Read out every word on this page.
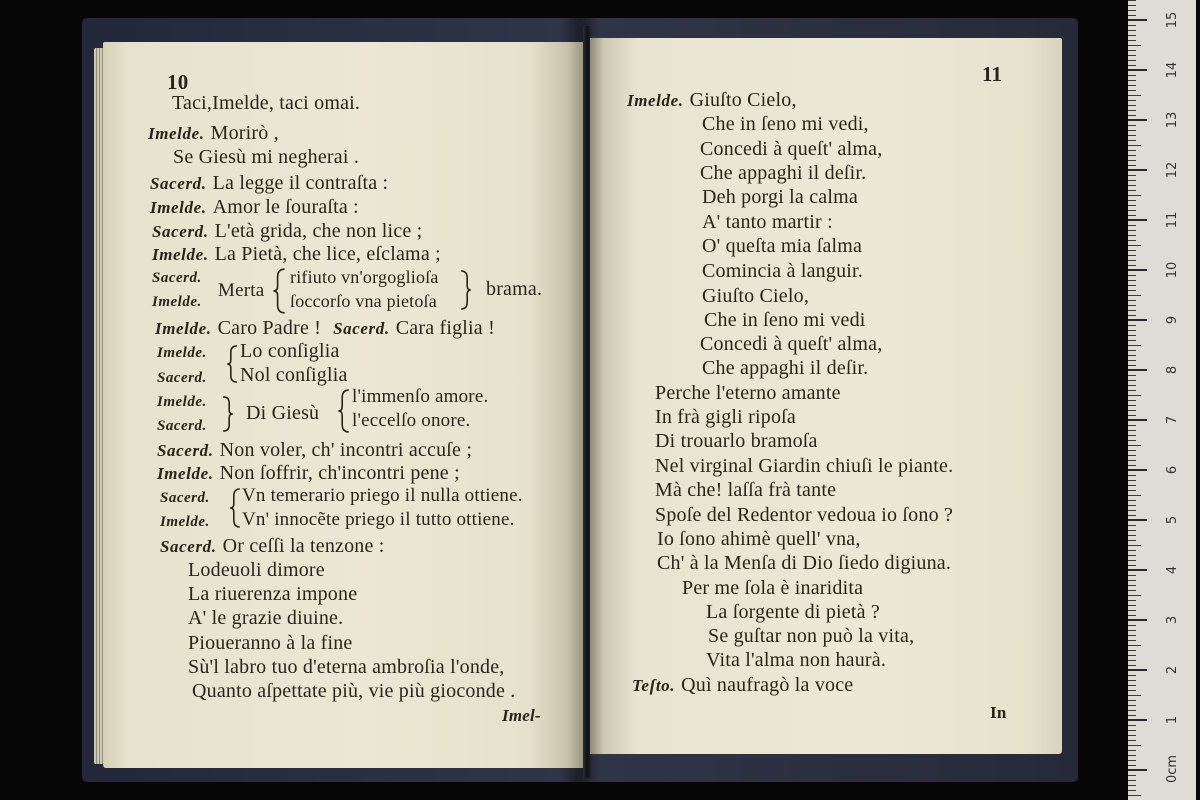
10
Taci,Imelde, taci omai.
Imelde. Morirò ,
Se Giesù mi negherai .
Sacerd. La legge il contraſta :
Imelde. Amor le ſouraſta :
Sacerd. L'età grida, che non lice ;
Imelde. La Pietà, che lice, eſclama ;
Sacerd.
Imelde.
Merta
rifiuto vn'orgoglioſa
ſoccorſo vna pietoſa
brama.
Imelde. Caro Padre ! Sacerd. Cara figlia !
Imelde.
Sacerd.
Lo conſiglia
Nol conſiglia
Imelde.
Sacerd.
Di Giesù
l'immenſo amore.
l'eccelſo onore.
Sacerd. Non voler, ch' incontri accuſe ;
Imelde. Non ſoffrir, ch'incontri pene ;
Sacerd.
Imelde.
Vn temerario priego il nulla ottiene.
Vn' innocẽte priego il tutto ottiene.
Sacerd. Or ceſſi la tenzone :
Lodeuoli dimore
La riuerenza impone
A' le grazie diuine.
Pioueranno à la fine
Sù'l labro tuo d'eterna ambroſia l'onde,
Quanto aſpettate più, vie più gioconde .
Imel-
11
Imelde. Giuſto Cielo,
Che in ſeno mi vedi,
Concedi à queſt' alma,
Che appaghi il deſir.
Deh porgi la calma
A' tanto martir :
O' queſta mia ſalma
Comincia à languir.
Giuſto Cielo,
Che in ſeno mi vedi
Concedi à queſt' alma,
Che appaghi il deſir.
Perche l'eterno amante
In frà gigli ripoſa
Di trouarlo bramoſa
Nel virginal Giardin chiuſi le piante.
Mà che! laſſa frà tante
Spoſe del Redentor vedoua io ſono ?
Io ſono ahimè quell' vna,
Ch' à la Menſa di Dio ſiedo digiuna.
Per me ſola è inaridita
La ſorgente di pietà ?
Se guſtar non può la vita,
Vita l'alma non haurà.
Teſto. Quì naufragò la voce
In
15
14
13
12
11
10
9
8
7
6
5
4
3
2
1
0cm
